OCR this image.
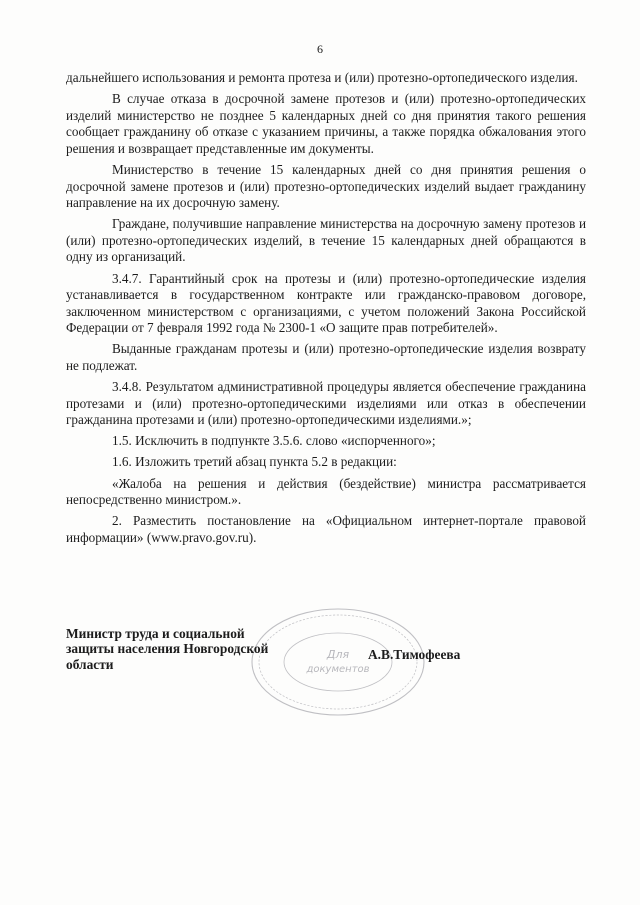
6

дальнейшего использования и ремонта протеза и (или) протезно-ортопедического изделия.

В случае отказа в досрочной замене протезов и (или) протезно-ортопедических изделий министерство не позднее 5 календарных дней со дня принятия такого решения сообщает гражданину об отказе с указанием причины, а также порядка обжалования этого решения и возвращает представленные им документы.

Министерство в течение 15 календарных дней со дня принятия решения о досрочной замене протезов и (или) протезно-ортопедических изделий выдает гражданину направление на их досрочную замену.

Граждане, получившие направление министерства на досрочную замену протезов и (или) протезно-ортопедических изделий, в течение 15 календарных дней обращаются в одну из организаций.

3.4.7. Гарантийный срок на протезы и (или) протезно-ортопедические изделия устанавливается в государственном контракте или гражданско-правовом договоре, заключенном министерством с организациями, с учетом положений Закона Российской Федерации от 7 февраля 1992 года № 2300-1 «О защите прав потребителей».

Выданные гражданам протезы и (или) протезно-ортопедические изделия возврату не подлежат.

3.4.8. Результатом административной процедуры является обеспечение гражданина протезами и (или) протезно-ортопедическими изделиями или отказ в обеспечении гражданина протезами и (или) протезно-ортопедическими изделиями.»;

1.5. Исключить в подпункте 3.5.6. слово «испорченного»;

1.6. Изложить третий абзац пункта 5.2 в редакции:

«Жалоба на решения и действия (бездействие) министра рассматривается непосредственно министром.».

2. Разместить постановление на «Официальном интернет-портале правовой информации» (www.pravo.gov.ru).

Для
документов
Министр труда и социальной
защиты населения Новгородской
области
А.В.Тимофеева
